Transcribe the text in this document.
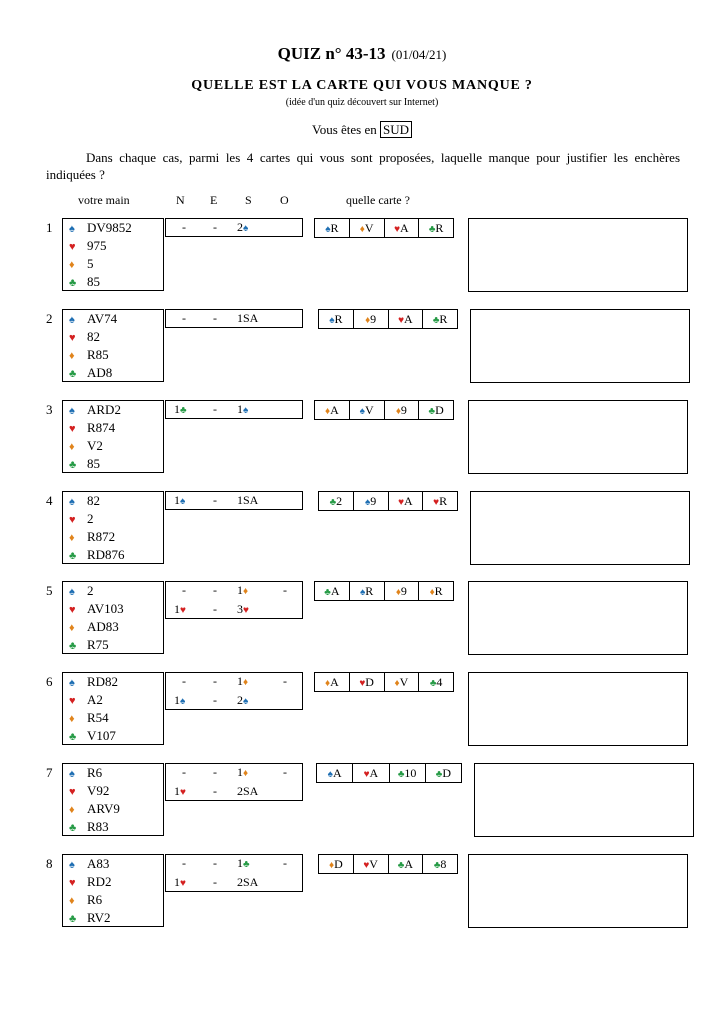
QUIZ n° 43-13 (01/04/21)
QUELLE EST LA CARTE QUI VOUS MANQUE ?
(idée d'un quiz découvert sur Internet)
Vous êtes en SUD
Dans chaque cas, parmi les 4 cartes qui vous sont proposées, laquelle manque pour justifier les enchères indiquées ?
votre main	N E S O	quelle carte ?
1 ♠ DV9852
♥ 975
♦ 5
♣ 85
- - 2♠	♠R	♦V	♥A	♣R
2 ♠ AV74
♥ 82
♦ R85
♣ AD8
- - 1SA	♠R	♦9	♥A	♣R
3 ♠ ARD2
♥ R874
♦ V2
♣ 85
1♣ - 1♠	♦A	♠V	♦9	♣D
4 ♠ 82
♥ 2
♦ R872
♣ RD876
1♠ - 1SA	♣2	♠9	♥A	♥R
5 ♠ 2
♥ AV103
♦ AD83
♣ R75
- - 1♦	-
1♥ - 3♥
♣A	♠R	♦9	♦R
6 ♠ RD82
♥ A2
♦ R54
♣ V107
- - 1♦	-
1♠ - 2♠
♦A	♥D	♦V	♣4
7 ♠ R6
♥ V92
♦ ARV9
♣ R83
- - 1♦	-
1♥ - 2SA
♠A	♥A	♣10	♣D
8 ♠ A83
♥ RD2
♦ R6
♣ RV2
- - 1♣	-
1♥ - 2SA
♦D	♥V	♣A	♣8
